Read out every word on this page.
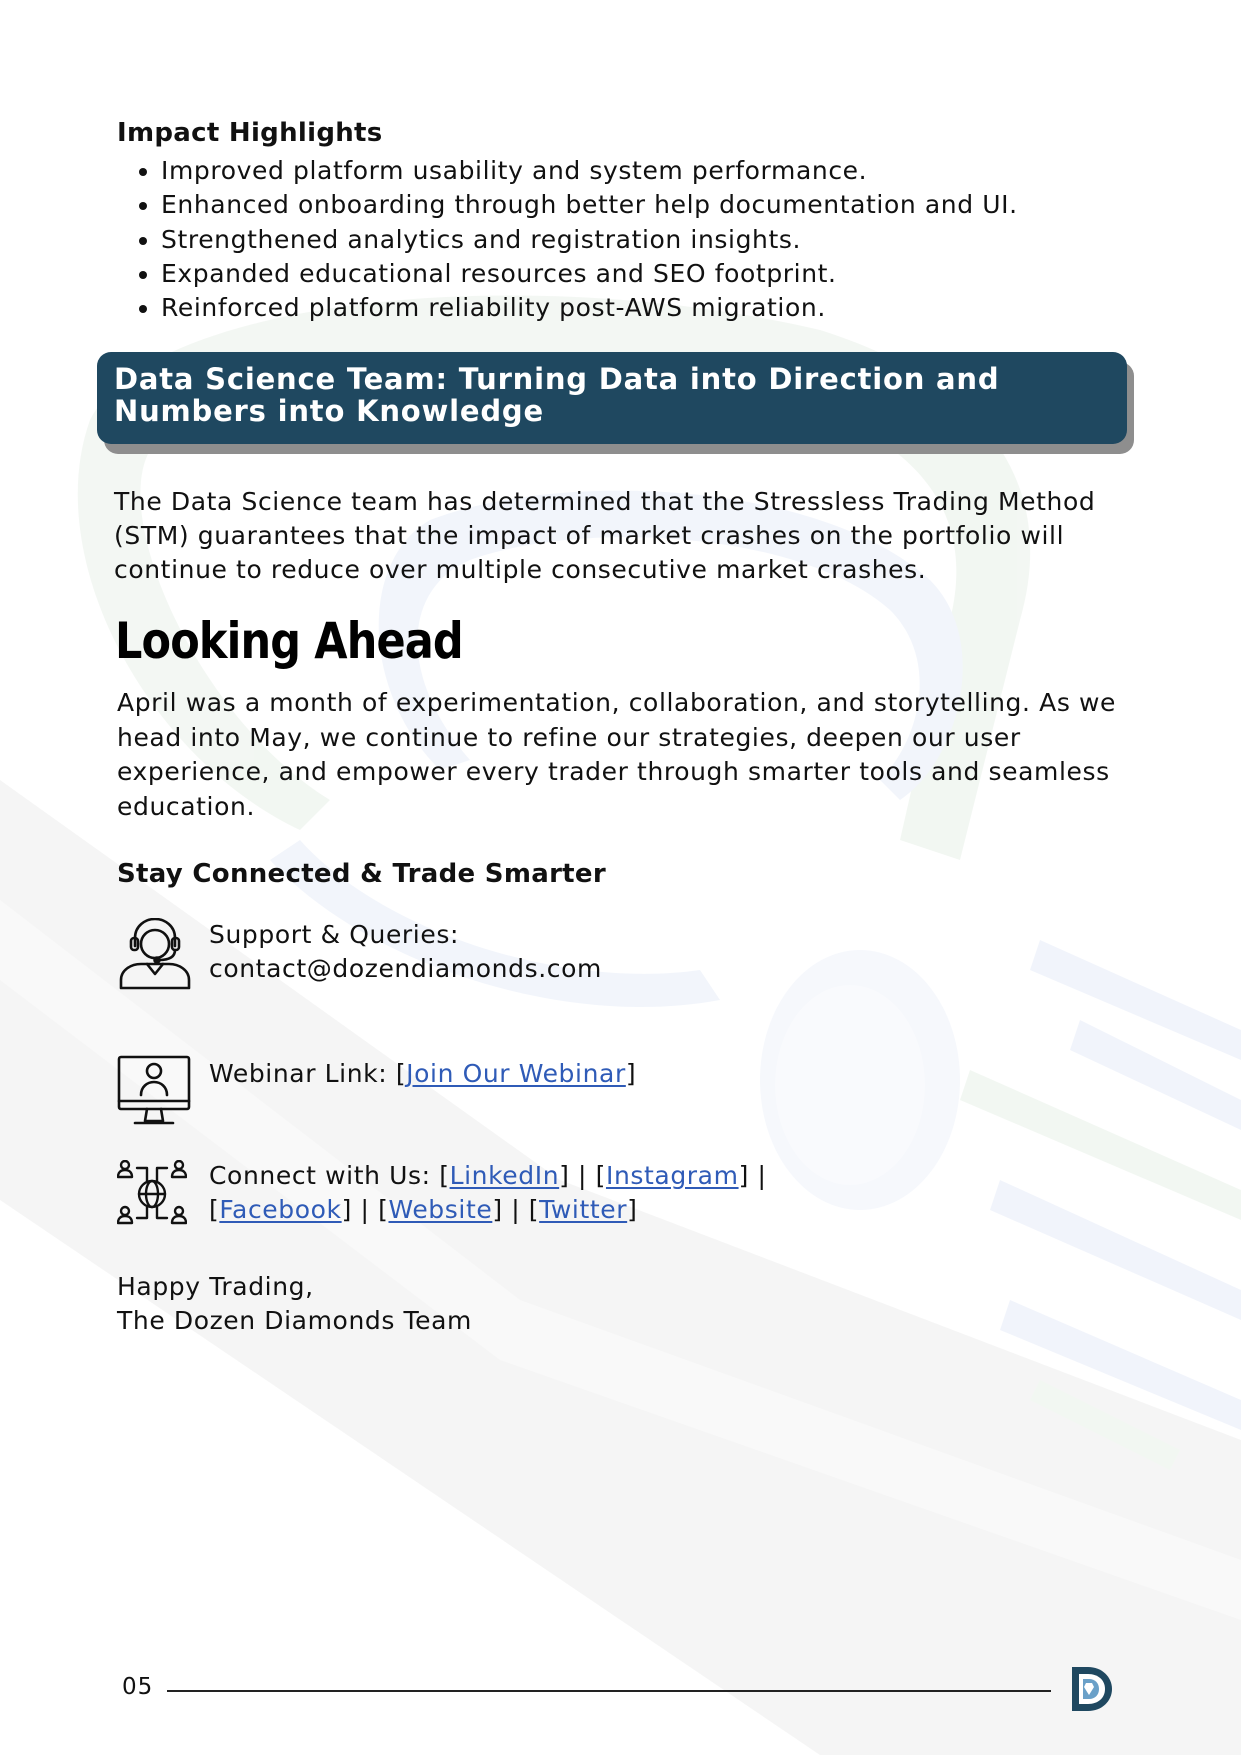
Impact Highlights
• Improved platform usability and system performance.
• Enhanced onboarding through better help documentation and UI.
• Strengthened analytics and registration insights.
• Expanded educational resources and SEO footprint.
• Reinforced platform reliability post-AWS migration.
Data Science Team: Turning Data into Direction and
Numbers into Knowledge

The Data Science team has determined that the Stressless Trading Method (STM) guarantees that the impact of market crashes on the portfolio will continue to reduce over multiple consecutive market crashes.

Looking Ahead

April was a month of experimentation, collaboration, and storytelling. As we head into May, we continue to refine our strategies, deepen our user experience, and empower every trader through smarter tools and seamless education.

Stay Connected & Trade Smarter
Support & Queries:
contact@dozendiamonds.com
Webinar Link: [Join Our Webinar]
Connect with Us: [LinkedIn] | [Instagram] |
[Facebook] | [Website] | [Twitter]

Happy Trading,
The Dozen Diamonds Team

05
